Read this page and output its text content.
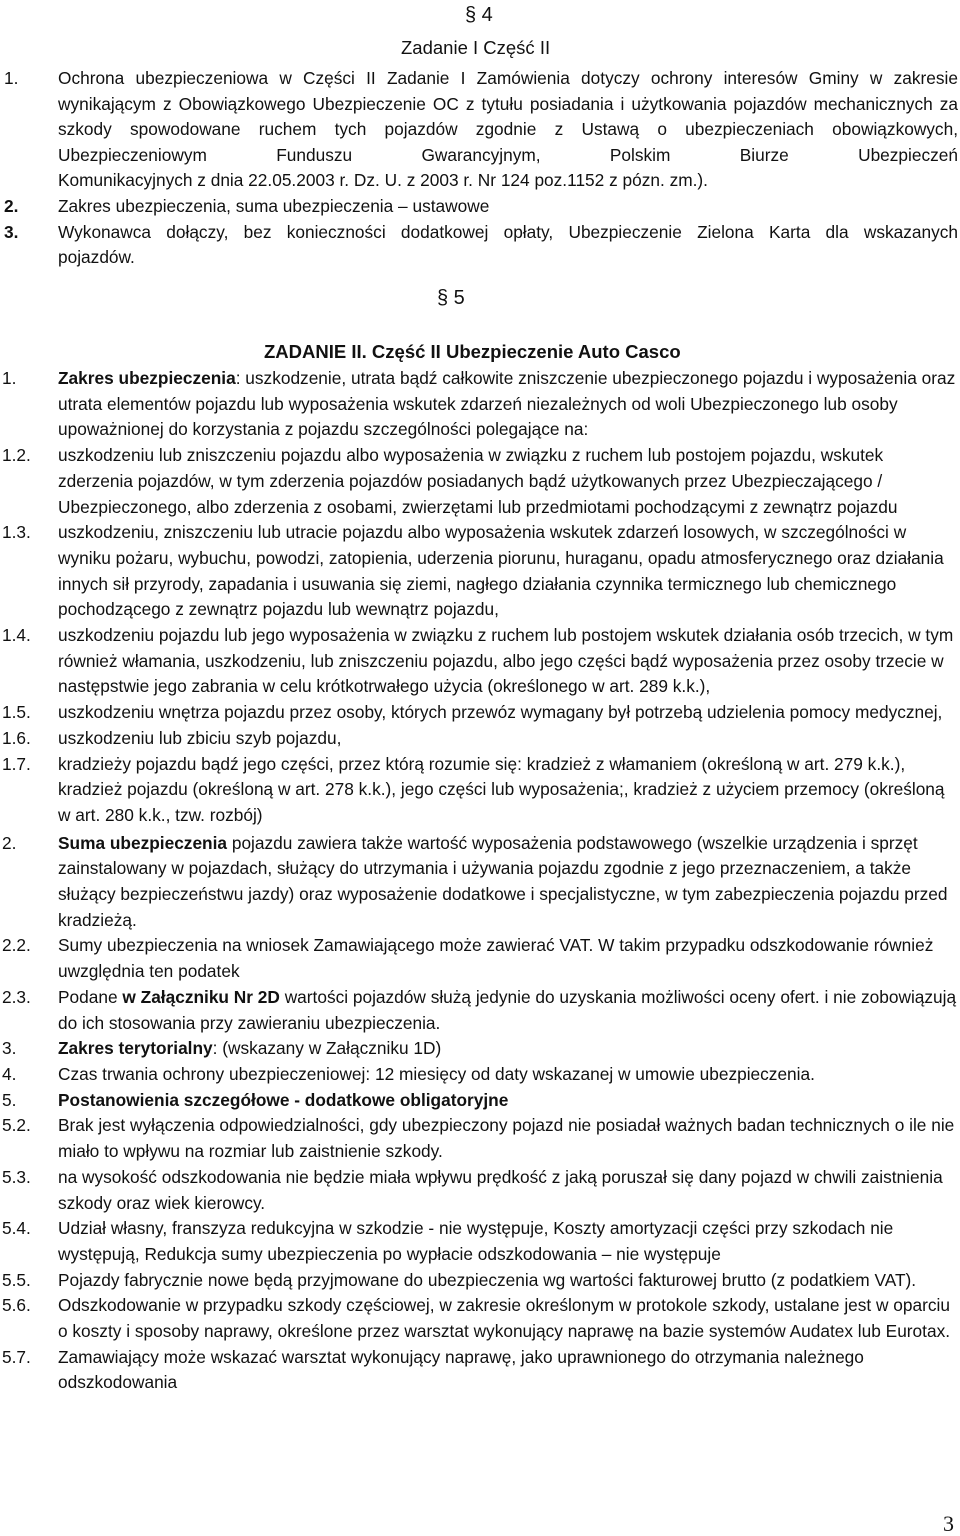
§ 4
Zadanie I Część II
1. Ochrona ubezpieczeniowa w Części II Zadanie I Zamówienia dotyczy ochrony interesów Gminy w zakresie wynikającym z Obowiązkowego Ubezpieczenie OC z tytułu posiadania i użytkowania pojazdów mechanicznych za szkody spowodowane ruchem tych pojazdów zgodnie z Ustawą o ubezpieczeniach obowiązkowych, Ubezpieczeniowym Funduszu Gwarancyjnym, Polskim Biurze Ubezpieczeń
Komunikacyjnych z dnia 22.05.2003 r. Dz. U. z 2003 r. Nr 124 poz.1152 z pózn. zm.).
2. Zakres ubezpieczenia, suma ubezpieczenia – ustawowe
3. Wykonawca dołączy, bez konieczności dodatkowej opłaty, Ubezpieczenie Zielona Karta dla wskazanych
pojazdów.
§ 5
ZADANIE II. Część II Ubezpieczenie Auto Casco
1. Zakres ubezpieczenia: uszkodzenie, utrata bądź całkowite zniszczenie ubezpieczonego pojazdu i wyposażenia oraz utrata elementów pojazdu lub wyposażenia wskutek zdarzeń niezależnych od woli Ubezpieczonego lub osoby upoważnionej do korzystania z pojazdu szczególności polegające na:
1.2. uszkodzeniu lub zniszczeniu pojazdu albo wyposażenia w związku z ruchem lub postojem pojazdu, wskutek zderzenia pojazdów, w tym zderzenia pojazdów posiadanych bądź użytkowanych przez Ubezpieczającego / Ubezpieczonego, albo zderzenia z osobami, zwierzętami lub przedmiotami pochodzącymi z zewnątrz pojazdu
1.3. uszkodzeniu, zniszczeniu lub utracie pojazdu albo wyposażenia wskutek zdarzeń losowych, w szczególności w wyniku pożaru, wybuchu, powodzi, zatopienia, uderzenia piorunu, huraganu, opadu atmosferycznego oraz działania innych sił przyrody, zapadania i usuwania się ziemi, nagłego działania czynnika termicznego lub chemicznego pochodzącego z zewnątrz pojazdu lub wewnątrz pojazdu,
1.4. uszkodzeniu pojazdu lub jego wyposażenia w związku z ruchem lub postojem wskutek działania osób trzecich, w tym również włamania, uszkodzeniu, lub zniszczeniu pojazdu, albo jego części bądź wyposażenia przez osoby trzecie w następstwie jego zabrania w celu krótkotrwałego użycia (określonego w art. 289 k.k.),
1.5. uszkodzeniu wnętrza pojazdu przez osoby, których przewóz wymagany był potrzebą udzielenia pomocy medycznej,
1.6. uszkodzeniu lub zbiciu szyb pojazdu,
1.7. kradzieży pojazdu bądź jego części, przez którą rozumie się: kradzież z włamaniem (określoną w art. 279 k.k.), kradzież pojazdu (określoną w art. 278 k.k.), jego części lub wyposażenia;, kradzież z użyciem przemocy (określoną w art. 280 k.k., tzw. rozbój)
2. Suma ubezpieczenia pojazdu zawiera także wartość wyposażenia podstawowego (wszelkie urządzenia i sprzęt zainstalowany w pojazdach, służący do utrzymania i używania pojazdu zgodnie z jego przeznaczeniem, a także służący bezpieczeństwu jazdy) oraz wyposażenie dodatkowe i specjalistyczne, w tym zabezpieczenia pojazdu przed kradzieżą.
2.2. Sumy ubezpieczenia na wniosek Zamawiającego może zawierać VAT. W takim przypadku odszkodowanie również uwzględnia ten podatek
2.3. Podane w Załączniku Nr 2D wartości pojazdów służą jedynie do uzyskania możliwości oceny ofert. i nie zobowiązują do ich stosowania przy zawieraniu ubezpieczenia.
3. Zakres terytorialny: (wskazany w Załączniku 1D)
4. Czas trwania ochrony ubezpieczeniowej: 12 miesięcy od daty wskazanej w umowie ubezpieczenia.
5. Postanowienia szczegółowe - dodatkowe obligatoryjne
5.2. Brak jest wyłączenia odpowiedzialności, gdy ubezpieczony pojazd nie posiadał ważnych badan technicznych o ile nie miało to wpływu na rozmiar lub zaistnienie szkody.
5.3. na wysokość odszkodowania nie będzie miała wpływu prędkość z jaką poruszał się dany pojazd w chwili zaistnienia szkody oraz wiek kierowcy.
5.4. Udział własny, franszyza redukcyjna w szkodzie - nie występuje, Koszty amortyzacji części przy szkodach nie występują, Redukcja sumy ubezpieczenia po wypłacie odszkodowania – nie występuje
5.5. Pojazdy fabrycznie nowe będą przyjmowane do ubezpieczenia wg wartości fakturowej brutto (z podatkiem VAT).
5.6. Odszkodowanie w przypadku szkody częściowej, w zakresie określonym w protokole szkody, ustalane jest w oparciu o koszty i sposoby naprawy, określone przez warsztat wykonujący naprawę na bazie systemów Audatex lub Eurotax.
5.7. Zamawiający może wskazać warsztat wykonujący naprawę, jako uprawnionego do otrzymania należnego odszkodowania
3
